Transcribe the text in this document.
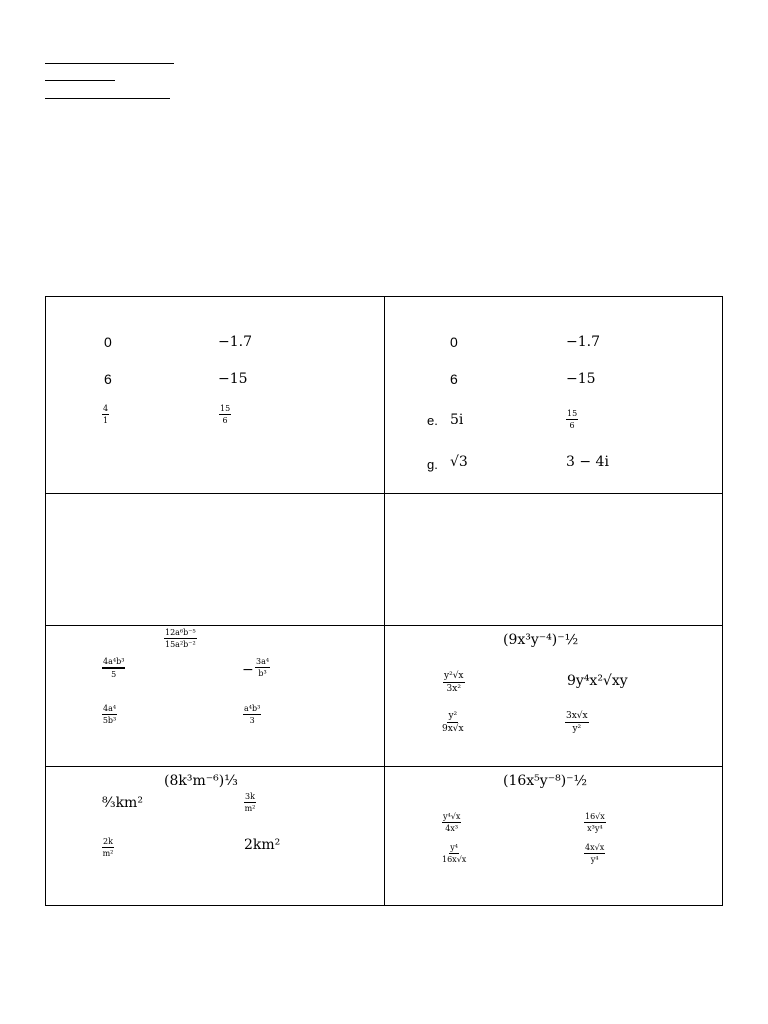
0	−1.7
6	−15
$\frac{4}{1}$	$\frac{15}{6}$
0	−1.7
6	−15
e. 5i	$\frac{15}{6}$
g. √3	3 − 4i
$\frac{\text{12a⁶b⁻⁵}}{\text{15a²b⁻²}}$
$\frac{\text{4a⁴b³}}{5}$	− $\frac{\text{3a⁴}}{\text{b³}}$
$\frac{\text{4a⁴}}{\text{5b³}}$	$\frac{\text{a⁴b³}}{3}$
(9x³y⁻⁴)⁻½
$\frac{\text{y²√x}}{\text{3x²}}$	9y⁴x²√xy
$\frac{\text{y²}}{9x√x}$	$\frac{3x√x}{\text{y²}}$
(8k³m⁻⁶)⅓
⁸⁄₃km²	$\frac{3k}{\text{m²}}$
$\frac{2k}{\text{m²}}$	2km²
(16x⁵y⁻⁸)⁻½
$\frac{\text{y⁴√x}}{\text{4x³}}$	$\frac{16√x}{\text{x³y⁴}}$
$\frac{\text{y⁴}}{16x√x}$	$\frac{4x√x}{\text{y⁴}}$
